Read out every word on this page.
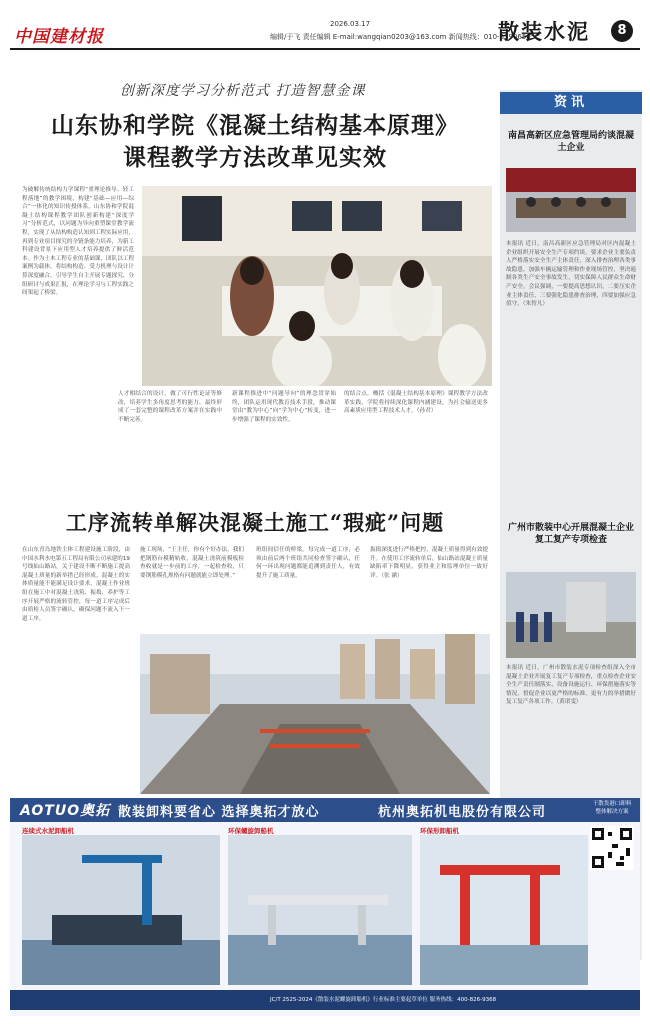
中国建材报
2026.03.17
编辑/于飞 责任编辑 E-mail:wangqian0203@163.com 新闻热线：010-51906505
散装水泥	8
创新深度学习分析范式 打造智慧金课
山东协和学院《混凝土结构基本原理》
课程教学方法改革见实效
为破解传统结构力学课程“重理论推导、轻工程落地”的教学困境，构建“基础—应用—综合”一体化的知识传授体系，山东协和学院混凝土结构课程教学团队创新构建“深度学习”分析范式，以问题为导向重塑课堂教学流程，实现了从结构构造认知到工程实际应用，再到专业项目探究的全链条能力培养，为新工科建设背景下应用型人才培养提供了鲜活范本。作为土木工程专业的基础课，团队以工程案例为载体，将结构构造、受力机理与设计计算深度融合，引导学生自主开展专题探究、分组研讨与成果汇报，在理论学习与工程实践之间架起了桥梁。
人才相结合的设计，做了可行性论证等修改，培养学生多角度思考的能力，最终形成了一套完整的课程改革方案并在实践中不断完善。
新课程推进中“问题导向”的理念贯穿始终，团队运用现代教育技术手段，推动课堂由“教为中心”向“学为中心”转变，进一步增强了课程的实效性。
的结合点。概括《混凝土结构基本原理》课程教学方法改革实践，学院将持续深化课程内涵建设，为社会输送更多高素质应用型工程技术人才。（孙君）
资讯
南昌高新区应急管理局约谈混凝土企业
本报讯 近日，南昌高新区应急管理局对区内混凝土企业组织开展安全生产专项约谈，要求企业主要负责人严格落实安全生产主体责任，深入排查治理各类事故隐患，加强车辆运输管理和作业现场管控，坚决遏制各类生产安全事故发生，切实保障人民群众生命财产安全。会议强调，一要提高思想认识，二要压实企业主体责任，三要强化隐患排查治理，四要加强应急值守。（朱智凡）
广州市散装中心开展混凝土企业复工复产专项检查
本报讯 近日，广州市散装水泥专项检查组深入全市混凝土企业开展复工复产专项检查，重点检查企业安全生产责任制落实、设备设施运行、环保措施落实等情况，督促企业以更严格的标准、更有力的举措做好复工复产各项工作。（黄诺雯）
工序流转单解决混凝土施工“瑕疵”问题
在山东青岛地铁主体工程建设施工阶段，由中国水利水电第五工程局有限公司承建的19号线仙山路站，关于建设不断不断施工提高混凝土质量的新举措已经形成。混凝土的实体质量能不能满足设计要求，混凝土作业班组在施工中对混凝土浇筑、振捣、养护等工序开展严格的流转管控，每一道工序完成后由质检人员签字确认，确保问题不流入下一道工序。
施工现场，“王主任，你有个好办法，我们把钢筋台模精轨收，混凝土浇筑前模板检查收就是一步前的工序，一起检查收，只要钢筋模孔规格有问题就能立即处理。”
班组间信任的桥梁。每完成一道工序，必须由前后两个班组共同检查签字确认，任何一环出现问题都能追溯到责任人，有效提升了施工质量。
振捣深度进行严格把控，混凝土质量得到有效提升。在使用工序流转单后，仙山路站混凝土质量缺陷率下降明显，获得业主和监理单位一致好评。（张 涵）
AOTUO奥拓 散装卸料要省心 选择奥拓才放心	杭州奥拓机电股份有限公司
干散货港口卸料 整体解决方案
连续式水泥卸船机	环保螺旋卸船机	环保形卸船机
JC/T 2525-2024《散装水泥螺旋卸船机》行业标准主要起草单位 服务热线：400-826-9368
